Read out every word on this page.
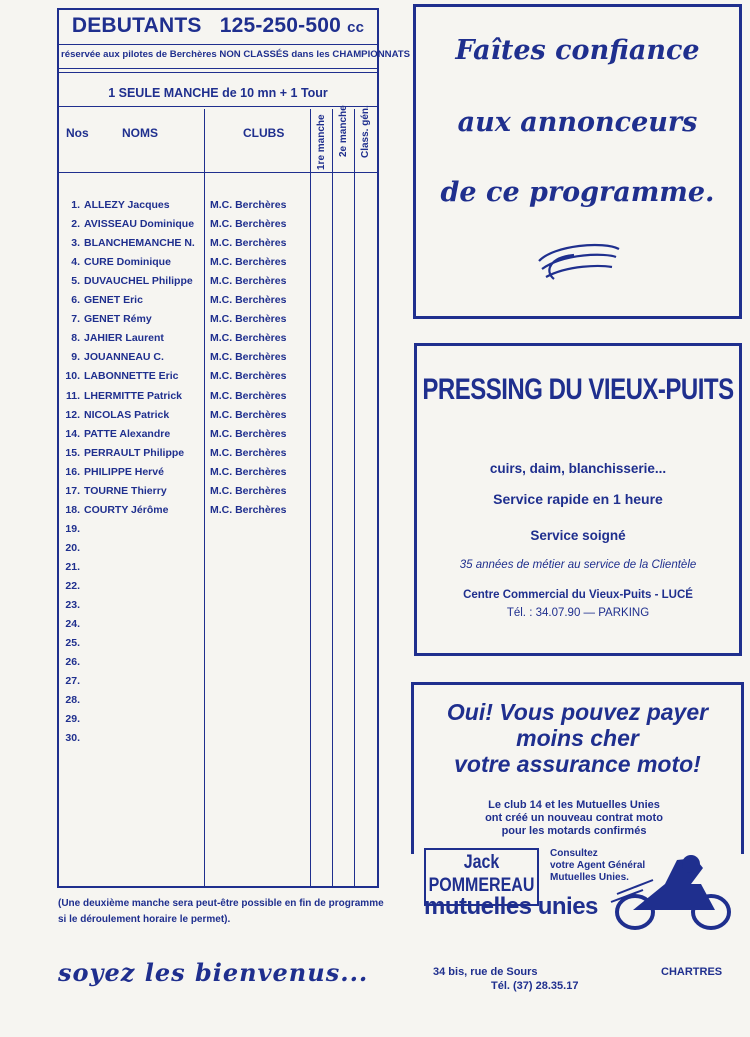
DEBUTANTS 125-250-500 cc
réservée aux pilotes de Berchères NON CLASSÉS dans les CHAMPIONNATS
1 SEULE MANCHE de 10 mn + 1 Tour
Nos	NOMS	CLUBS	1re manche 2e manche Class. gén.
1. ALLEZY Jacques	M.C. Berchères
2. AVISSEAU Dominique M.C. Berchères
3. BLANCHEMANCHE N. M.C. Berchères
4. CURE Dominique	M.C. Berchères
5. DUVAUCHEL Philippe M.C. Berchères
6. GENET Eric	M.C. Berchères
7. GENET Rémy	M.C. Berchères
8. JAHIER Laurent	M.C. Berchères
9. JOUANNEAU C.	M.C. Berchères
10. LABONNETTE Eric	M.C. Berchères
11. LHERMITTE Patrick	M.C. Berchères
12. NICOLAS Patrick	M.C. Berchères
14. PATTE Alexandre	M.C. Berchères
15. PERRAULT Philippe M.C. Berchères
16. PHILIPPE Hervé	M.C. Berchères
17. TOURNE Thierry	M.C. Berchères
18. COURTY Jérôme	M.C. Berchères
19.
20.
21.
22.
23.
24.
25.
26.
27.
28.
29.
30.
(Une deuxième manche sera peut-être possible en fin de programme si le déroulement horaire le permet).
soyez les bienvenus...
Faîtes confiance
aux annonceurs
de ce programme.
PRESSING DU VIEUX-PUITS
cuirs, daim, blanchisserie...
Service rapide en 1 heure
Service soigné
35 années de métier au service de la Clientèle
Centre Commercial du Vieux-Puits - LUCÉ
Tél. : 34.07.90 — PARKING
Oui! Vous pouvez payer
moins cher
votre assurance moto!
Le club 14 et les Mutuelles Unies
ont créé un nouveau contrat moto
pour les motards confirmés
Jack
POMMEREAU
Consultez
votre Agent Général
Mutuelles Unies.
mutuelles unies
34 bis, rue de Sours	CHARTRES
Tél. (37) 28.35.17
